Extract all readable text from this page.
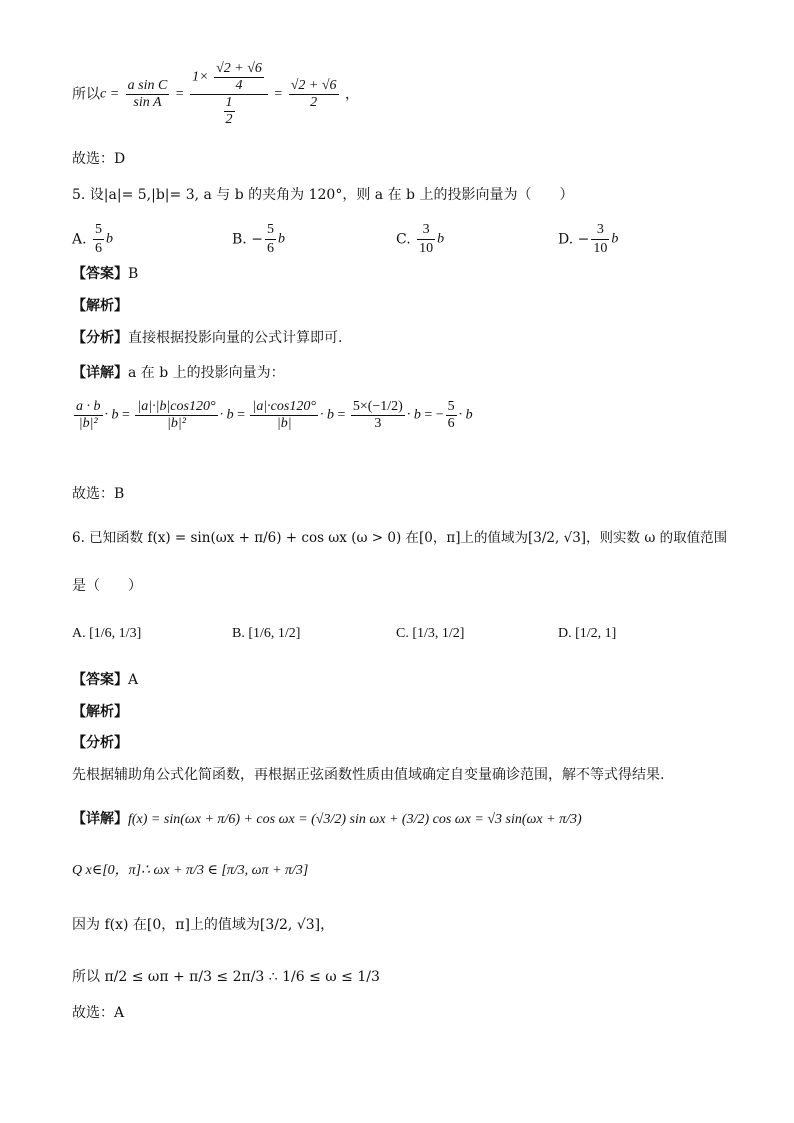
所以$c = \frac{\text{a sin C}}{\text{sin A}} = \frac{1\times \frac{√2 + √6}{4}}{\frac{1}{2}} = \frac{√2 + √6}{2}$ ，
故选：D
5. 设|a|= 5,|b|= 3, a 与 b 的夹角为 120°，则 a 在 b 上的投影向量为（　　）
A. $\frac{5}{6}$ b	B. − $\frac{5}{6}$ b	C. $\frac{3}{10}$ b	D. − $\frac{3}{10}$ b
【答案】B
【解析】
【分析】直接根据投影向量的公式计算即可.
【详解】a 在 b 上的投影向量为：
$\frac{a \cdot b}{\text{|b|²}} \cdot b = \frac{|a|\cdot|b|\cos 120^\circ}{\text{|b|²}} \cdot b = \frac{|a|\cdot\cos 120^\circ}{|b|} \cdot b = \frac{5\times(-1/2)}{3} \cdot b$ = − $\frac{5}{6} \cdot b$
故选：B
6. 已知函数 f(x) = sin(ωx + π/6) + cos ωx (ω > 0) 在[0，π]上的值域为[3/2, √3]，则实数 ω 的取值范围
是（　　）
A. [1/6, 1/3]	B. [1/6, 1/2]	C. [1/3, 1/2]	D. [1/2, 1]
【答案】A
【解析】
【分析】
先根据辅助角公式化简函数，再根据正弦函数性质由值域确定自变量确诊范围，解不等式得结果.
【详解】f(x) = sin(ωx + π/6) + cos ωx = (√3/2) sin ωx + (3/2) cos ωx = √3 sin(ωx + π/3)
Q x∈[0，π]∴ ωx + π/3 ∈ [π/3, ωπ + π/3]
因为 f(x) 在[0，π]上的值域为[3/2, √3]，
所以 π/2 ≤ ωπ + π/3 ≤ 2π/3 ∴ 1/6 ≤ ω ≤ 1/3
故选：A
